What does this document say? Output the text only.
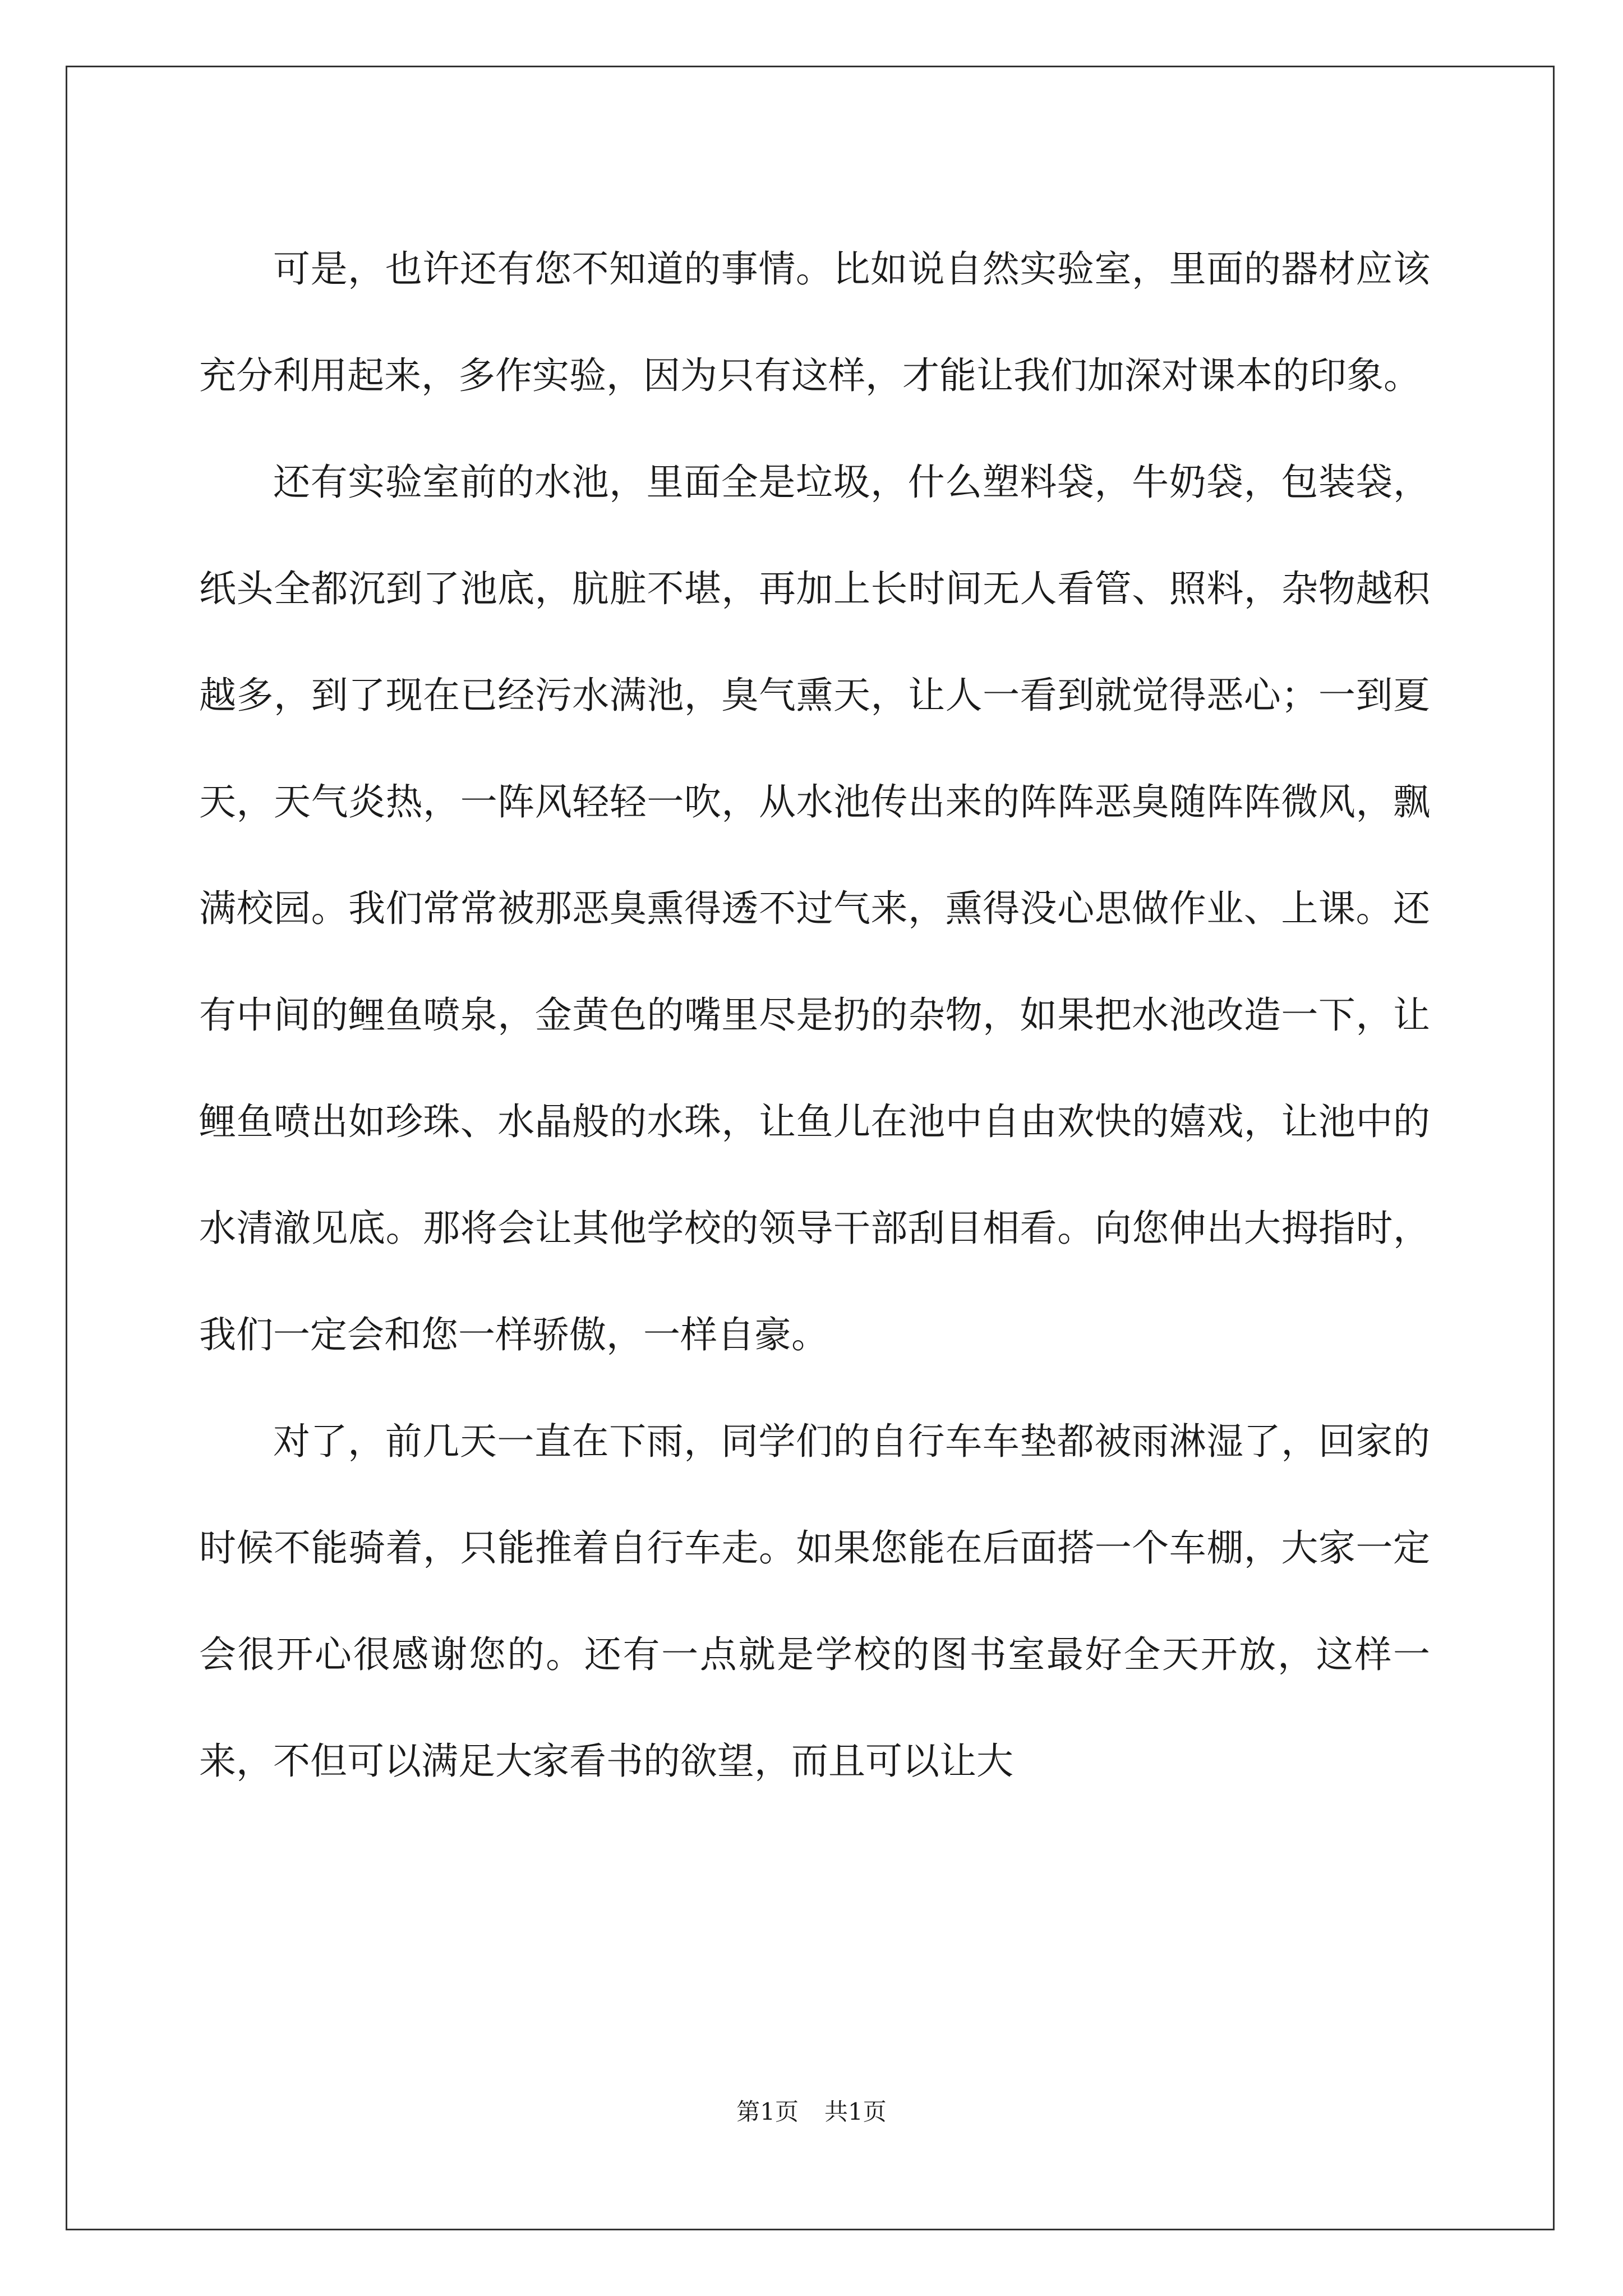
可是，也许还有您不知道的事情。比如说自然实验室，里面的器材应该充分利用起来，多作实验，因为只有这样，才能让我们加深对课本的印象。

还有实验室前的水池，里面全是垃圾，什么塑料袋，牛奶袋，包装袋，纸头全都沉到了池底，肮脏不堪，再加上长时间无人看管、照料，杂物越积越多，到了现在已经污水满池，臭气熏天，让人一看到就觉得恶心；一到夏天，天气炎热，一阵风轻轻一吹，从水池传出来的阵阵恶臭随阵阵微风，飘满校园。我们常常被那恶臭熏得透不过气来，熏得没心思做作业、上课。还有中间的鲤鱼喷泉，金黄色的嘴里尽是扔的杂物，如果把水池改造一下，让鲤鱼喷出如珍珠、水晶般的水珠，让鱼儿在池中自由欢快的嬉戏，让池中的水清澈见底。那将会让其他学校的领导干部刮目相看。向您伸出大拇指时，我们一定会和您一样骄傲，一样自豪。

对了，前几天一直在下雨，同学们的自行车车垫都被雨淋湿了，回家的时候不能骑着，只能推着自行车走。如果您能在后面搭一个车棚，大家一定会很开心很感谢您的。还有一点就是学校的图书室最好全天开放，这样一来，不但可以满足大家看书的欲望，而且可以让大

第1页 共1页
